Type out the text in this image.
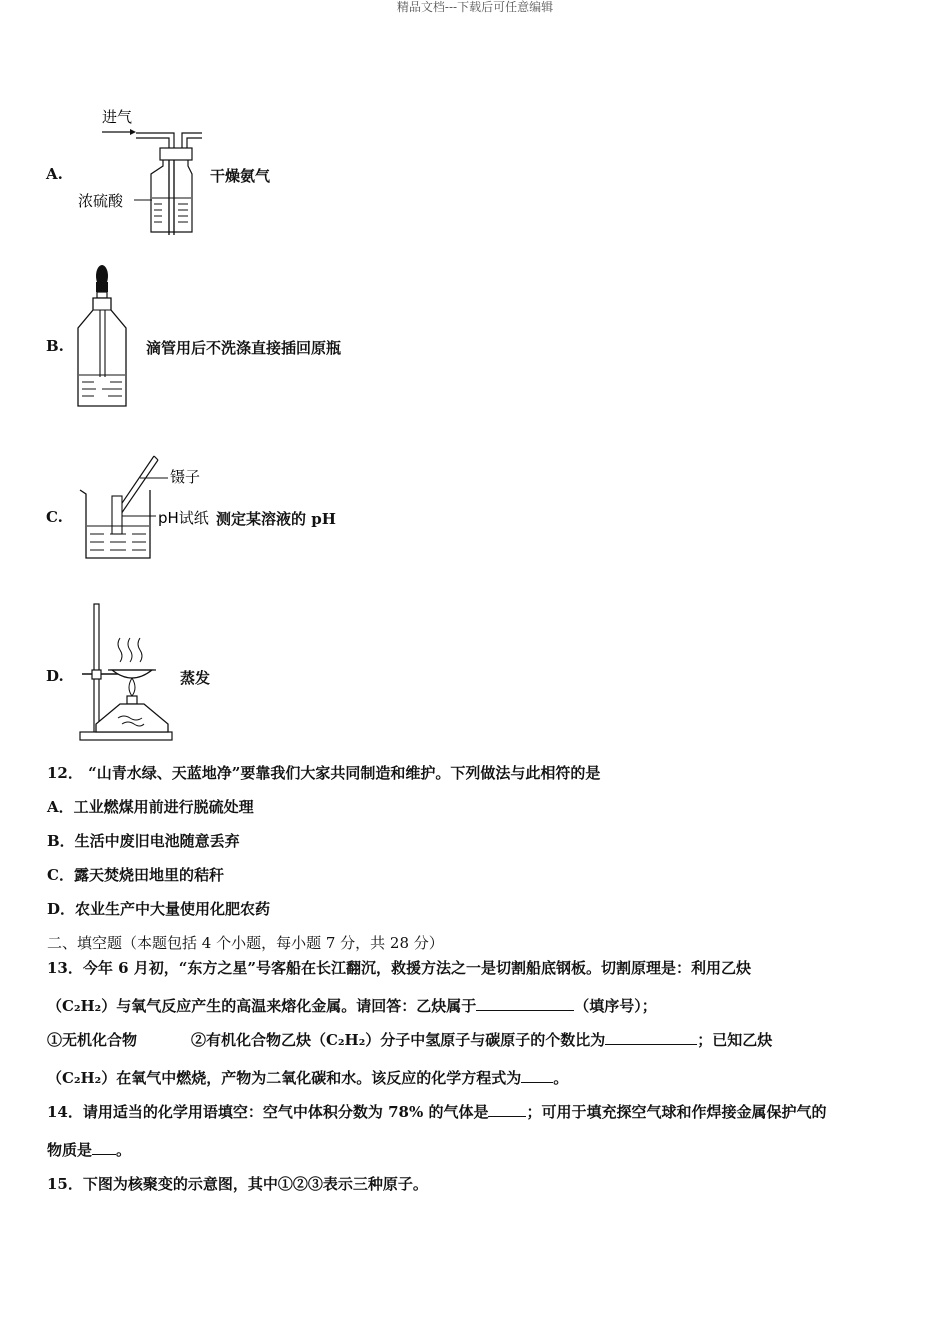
精品文档---下载后可任意编辑
A.
进气
浓硫酸
干燥氨气
B.	滴管用后不洗涤直接插回原瓶
C.
镊子
pH试纸 测定某溶液的 pH
D.	蒸发
12． “山青水绿、天蓝地净”要靠我们大家共同制造和维护。下列做法与此相符的是
A．工业燃煤用前进行脱硫处理
B．生活中废旧电池随意丢弃
C．露天焚烧田地里的秸秆
D．农业生产中大量使用化肥农药
二、填空题（本题包括 4 个小题，每小题 7 分，共 28 分）
13．今年 6 月初，“东方之星”号客船在长江翻沉，救援方法之一是切割船底钢板。切割原理是：利用乙炔
（C₂H₂）与氧气反应产生的高温来熔化金属。请回答：乙炔属于	（填序号）；
①无机化合物	②有机化合物乙炔（C₂H₂）分子中氢原子与碳原子的个数比为	；已知乙炔
（C₂H₂）在氧气中燃烧，产物为二氧化碳和水。该反应的化学方程式为 。
14．请用适当的化学用语填空：空气中体积分数为 78% 的气体是	；可用于填充探空气球和作焊接金属保护气的
物质是 。
15．下图为核聚变的示意图，其中①②③表示三种原子。
